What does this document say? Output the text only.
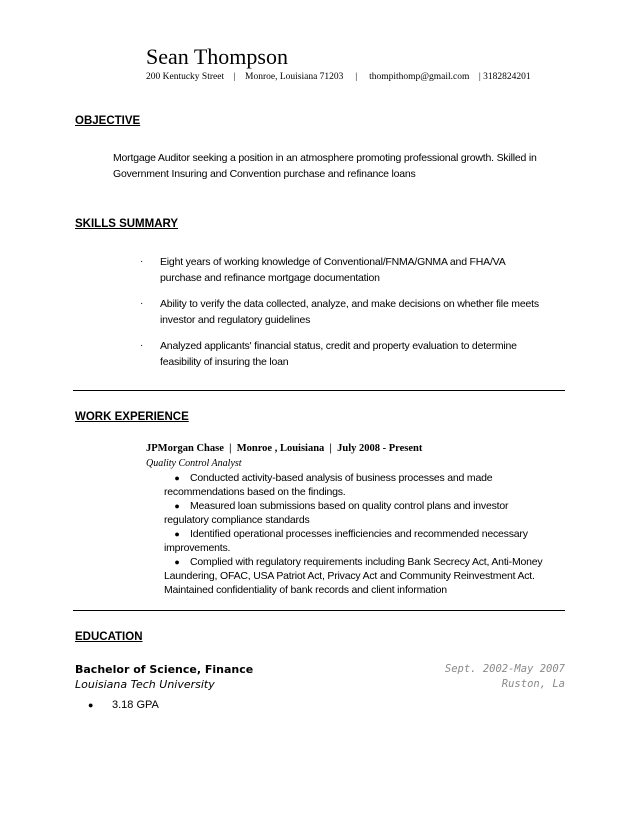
Sean Thompson
200 Kentucky Street | Monroe, Louisiana 71203 | thompithomp@gmail.com | 3182824201
OBJECTIVE
Mortgage Auditor seeking a position in an atmosphere promoting professional growth. Skilled in
Government Insuring and Convention purchase and refinance loans
SKILLS SUMMARY
· Eight years of working knowledge of Conventional/FNMA/GNMA and FHA/VA
purchase and refinance mortgage documentation
· Ability to verify the data collected, analyze, and make decisions on whether file meets
investor and regulatory guidelines
· Analyzed applicants' financial status, credit and property evaluation to determine
feasibility of insuring the loan
WORK EXPERIENCE
JPMorgan Chase | Monroe , Louisiana | July 2008 - Present
Quality Control Analyst
● Conducted activity-based analysis of business processes and made
recommendations based on the findings.
● Measured loan submissions based on quality control plans and investor
regulatory compliance standards
● Identified operational processes inefficiencies and recommended necessary
improvements.
● Complied with regulatory requirements including Bank Secrecy Act, Anti-Money
Laundering, OFAC, USA Patriot Act, Privacy Act and Community Reinvestment Act.
Maintained confidentiality of bank records and client information
EDUCATION
Bachelor of Science, Finance
Louisiana Tech University
Sept. 2002-May 2007
Ruston, La
● 3.18 GPA
